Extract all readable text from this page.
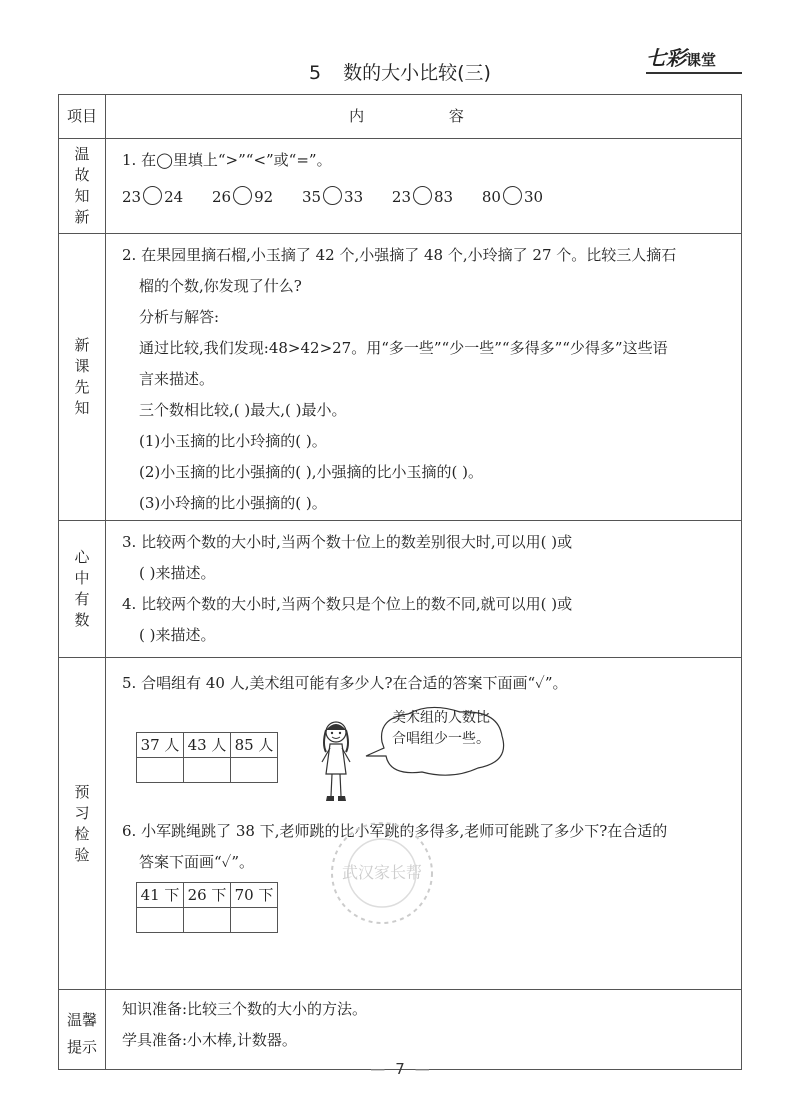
5 数的大小比较(三)
七彩课堂
项目	内 容

温
故
知
新

1. 在◯里填上“>”“<”或“=”。

23 24 26 92 35 33 23 83 80 30

新
课
先
知

2. 在果园里摘石榴,小玉摘了 42 个,小强摘了 48 个,小玲摘了 27 个。比较三人摘石

榴的个数,你发现了什么?

分析与解答:

通过比较,我们发现:48>42>27。用“多一些”“少一些”“多得多”“少得多”这些语

言来描述。

三个数相比较,( )最大,( )最小。

(1)小玉摘的比小玲摘的( )。

(2)小玉摘的比小强摘的( ),小强摘的比小玉摘的( )。

(3)小玲摘的比小强摘的( )。

心
中
有
数

3. 比较两个数的大小时,当两个数十位上的数差别很大时,可以用( )或

( )来描述。

4. 比较两个数的大小时,当两个数只是个位上的数不同,就可以用( )或

( )来描述。

预
习
检
验

5. 合唱组有 40 人,美术组可能有多少人?在合适的答案下面画“✓”。

37 人	43 人	85 人

美术组的人数比合唱组少一些。

6. 小军跳绳跳了 38 下,老师跳的比小军跳的多得多,老师可能跳了多少下?在合适的

答案下面画“✓”。

41 下	26 下	70 下

武汉家长帮

温馨
提示

知识准备:比较三个数的大小的方法。

学具准备:小木棒,计数器。

— 7 —
